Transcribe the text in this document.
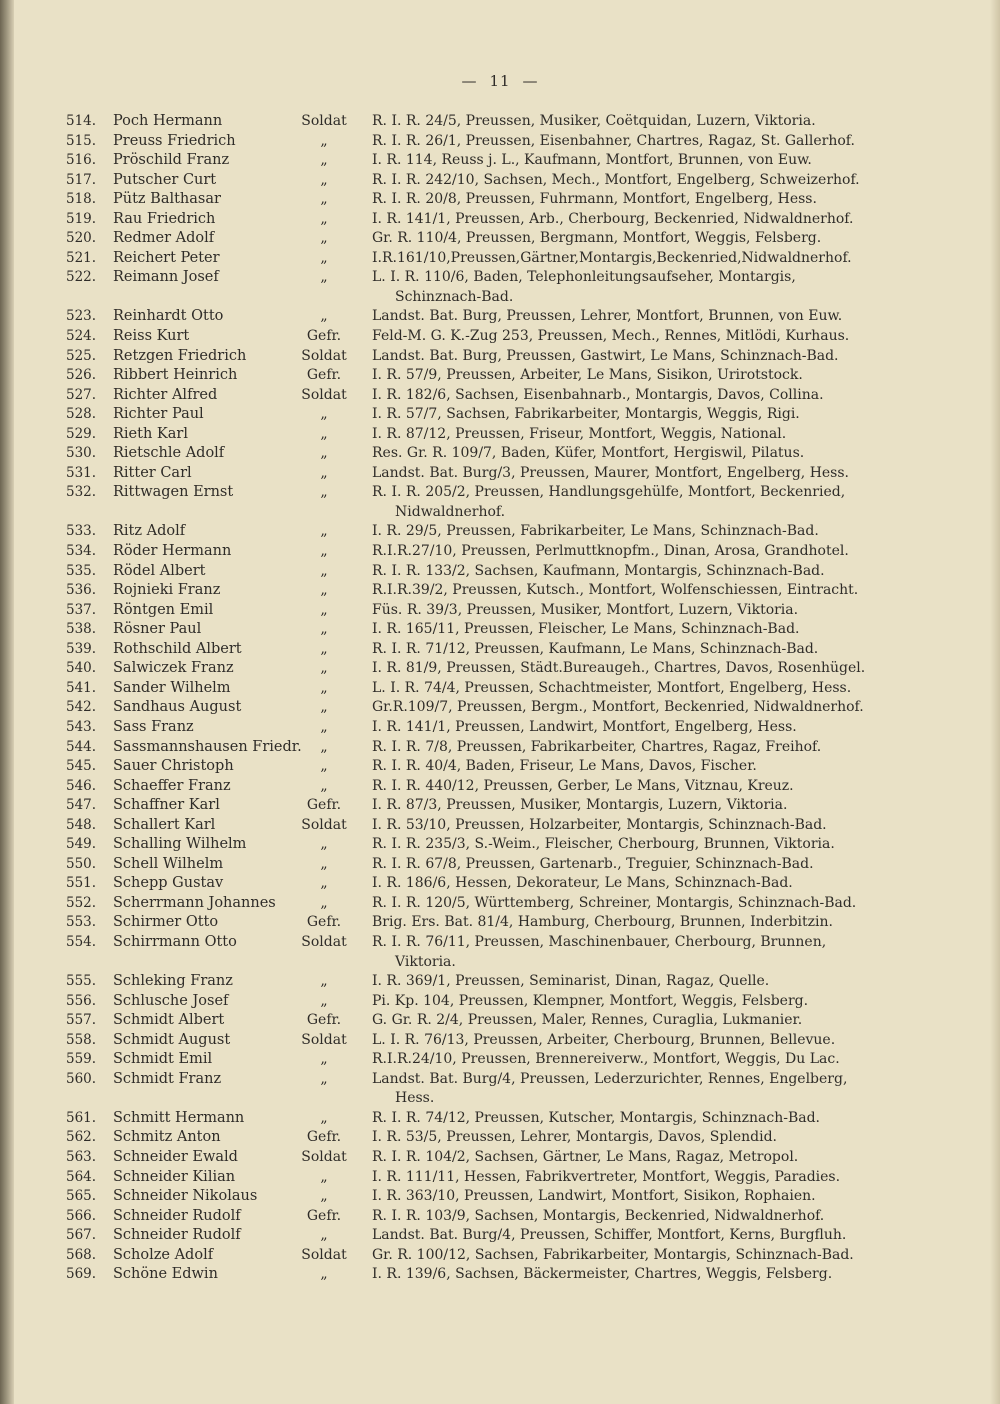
— 11 —
514.	Poch Hermann	Soldat	R. I. R. 24/5, Preussen, Musiker, Coëtquidan, Luzern, Viktoria.
515.	Preuss Friedrich	„	R. I. R. 26/1, Preussen, Eisenbahner, Chartres, Ragaz, St. Gallerhof.
516.	Pröschild Franz	„	I. R. 114, Reuss j. L., Kaufmann, Montfort, Brunnen, von Euw.
517.	Putscher Curt	„	R. I. R. 242/10, Sachsen, Mech., Montfort, Engelberg, Schweizerhof.
518.	Pütz Balthasar	„	R. I. R. 20/8, Preussen, Fuhrmann, Montfort, Engelberg, Hess.
519.	Rau Friedrich	„	I. R. 141/1, Preussen, Arb., Cherbourg, Beckenried, Nidwaldnerhof.
520.	Redmer Adolf	„	Gr. R. 110/4, Preussen, Bergmann, Montfort, Weggis, Felsberg.
521.	Reichert Peter	„	I.R.161/10,Preussen,Gärtner,Montargis,Beckenried,Nidwaldnerhof.
522.	Reimann Josef	„	L. I. R. 110/6, Baden, Telephonleitungsaufseher, Montargis,
Schinznach-Bad.
523.	Reinhardt Otto	„	Landst. Bat. Burg, Preussen, Lehrer, Montfort, Brunnen, von Euw.
524.	Reiss Kurt	Gefr.	Feld-M. G. K.-Zug 253, Preussen, Mech., Rennes, Mitlödi, Kurhaus.
525.	Retzgen Friedrich	Soldat	Landst. Bat. Burg, Preussen, Gastwirt, Le Mans, Schinznach-Bad.
526.	Ribbert Heinrich	Gefr.	I. R. 57/9, Preussen, Arbeiter, Le Mans, Sisikon, Urirotstock.
527.	Richter Alfred	Soldat	I. R. 182/6, Sachsen, Eisenbahnarb., Montargis, Davos, Collina.
528.	Richter Paul	„	I. R. 57/7, Sachsen, Fabrikarbeiter, Montargis, Weggis, Rigi.
529.	Rieth Karl	„	I. R. 87/12, Preussen, Friseur, Montfort, Weggis, National.
530.	Rietschle Adolf	„	Res. Gr. R. 109/7, Baden, Küfer, Montfort, Hergiswil, Pilatus.
531.	Ritter Carl	„	Landst. Bat. Burg/3, Preussen, Maurer, Montfort, Engelberg, Hess.
532.	Rittwagen Ernst	„	R. I. R. 205/2, Preussen, Handlungsgehülfe, Montfort, Beckenried,
Nidwaldnerhof.
533.	Ritz Adolf	„	I. R. 29/5, Preussen, Fabrikarbeiter, Le Mans, Schinznach-Bad.
534.	Röder Hermann	„	R.I.R.27/10, Preussen, Perlmuttknopfm., Dinan, Arosa, Grandhotel.
535.	Rödel Albert	„	R. I. R. 133/2, Sachsen, Kaufmann, Montargis, Schinznach-Bad.
536.	Rojnieki Franz	„	R.I.R.39/2, Preussen, Kutsch., Montfort, Wolfenschiessen, Eintracht.
537.	Röntgen Emil	„	Füs. R. 39/3, Preussen, Musiker, Montfort, Luzern, Viktoria.
538.	Rösner Paul	„	I. R. 165/11, Preussen, Fleischer, Le Mans, Schinznach-Bad.
539.	Rothschild Albert	„	R. I. R. 71/12, Preussen, Kaufmann, Le Mans, Schinznach-Bad.
540.	Salwiczek Franz	„	I. R. 81/9, Preussen, Städt.Bureaugeh., Chartres, Davos, Rosenhügel.
541.	Sander Wilhelm	„	L. I. R. 74/4, Preussen, Schachtmeister, Montfort, Engelberg, Hess.
542.	Sandhaus August	„	Gr.R.109/7, Preussen, Bergm., Montfort, Beckenried, Nidwaldnerhof.
543.	Sass Franz	„	I. R. 141/1, Preussen, Landwirt, Montfort, Engelberg, Hess.
544.	Sassmannshausen Friedr.	„	R. I. R. 7/8, Preussen, Fabrikarbeiter, Chartres, Ragaz, Freihof.
545.	Sauer Christoph	„	R. I. R. 40/4, Baden, Friseur, Le Mans, Davos, Fischer.
546.	Schaeffer Franz	„	R. I. R. 440/12, Preussen, Gerber, Le Mans, Vitznau, Kreuz.
547.	Schaffner Karl	Gefr.	I. R. 87/3, Preussen, Musiker, Montargis, Luzern, Viktoria.
548.	Schallert Karl	Soldat	I. R. 53/10, Preussen, Holzarbeiter, Montargis, Schinznach-Bad.
549.	Schalling Wilhelm	„	R. I. R. 235/3, S.-Weim., Fleischer, Cherbourg, Brunnen, Viktoria.
550.	Schell Wilhelm	„	R. I. R. 67/8, Preussen, Gartenarb., Treguier, Schinznach-Bad.
551.	Schepp Gustav	„	I. R. 186/6, Hessen, Dekorateur, Le Mans, Schinznach-Bad.
552.	Scherrmann Johannes	„	R. I. R. 120/5, Württemberg, Schreiner, Montargis, Schinznach-Bad.
553.	Schirmer Otto	Gefr.	Brig. Ers. Bat. 81/4, Hamburg, Cherbourg, Brunnen, Inderbitzin.
554.	Schirrmann Otto	Soldat	R. I. R. 76/11, Preussen, Maschinenbauer, Cherbourg, Brunnen,
Viktoria.
555.	Schleking Franz	„	I. R. 369/1, Preussen, Seminarist, Dinan, Ragaz, Quelle.
556.	Schlusche Josef	„	Pi. Kp. 104, Preussen, Klempner, Montfort, Weggis, Felsberg.
557.	Schmidt Albert	Gefr.	G. Gr. R. 2/4, Preussen, Maler, Rennes, Curaglia, Lukmanier.
558.	Schmidt August	Soldat	L. I. R. 76/13, Preussen, Arbeiter, Cherbourg, Brunnen, Bellevue.
559.	Schmidt Emil	„	R.I.R.24/10, Preussen, Brennereiverw., Montfort, Weggis, Du Lac.
560.	Schmidt Franz	„	Landst. Bat. Burg/4, Preussen, Lederzurichter, Rennes, Engelberg,
Hess.
561.	Schmitt Hermann	„	R. I. R. 74/12, Preussen, Kutscher, Montargis, Schinznach-Bad.
562.	Schmitz Anton	Gefr.	I. R. 53/5, Preussen, Lehrer, Montargis, Davos, Splendid.
563.	Schneider Ewald	Soldat	R. I. R. 104/2, Sachsen, Gärtner, Le Mans, Ragaz, Metropol.
564.	Schneider Kilian	„	I. R. 111/11, Hessen, Fabrikvertreter, Montfort, Weggis, Paradies.
565.	Schneider Nikolaus	„	I. R. 363/10, Preussen, Landwirt, Montfort, Sisikon, Rophaien.
566.	Schneider Rudolf	Gefr.	R. I. R. 103/9, Sachsen, Montargis, Beckenried, Nidwaldnerhof.
567.	Schneider Rudolf	„	Landst. Bat. Burg/4, Preussen, Schiffer, Montfort, Kerns, Burgfluh.
568.	Scholze Adolf	Soldat	Gr. R. 100/12, Sachsen, Fabrikarbeiter, Montargis, Schinznach-Bad.
569.	Schöne Edwin	„	I. R. 139/6, Sachsen, Bäckermeister, Chartres, Weggis, Felsberg.
